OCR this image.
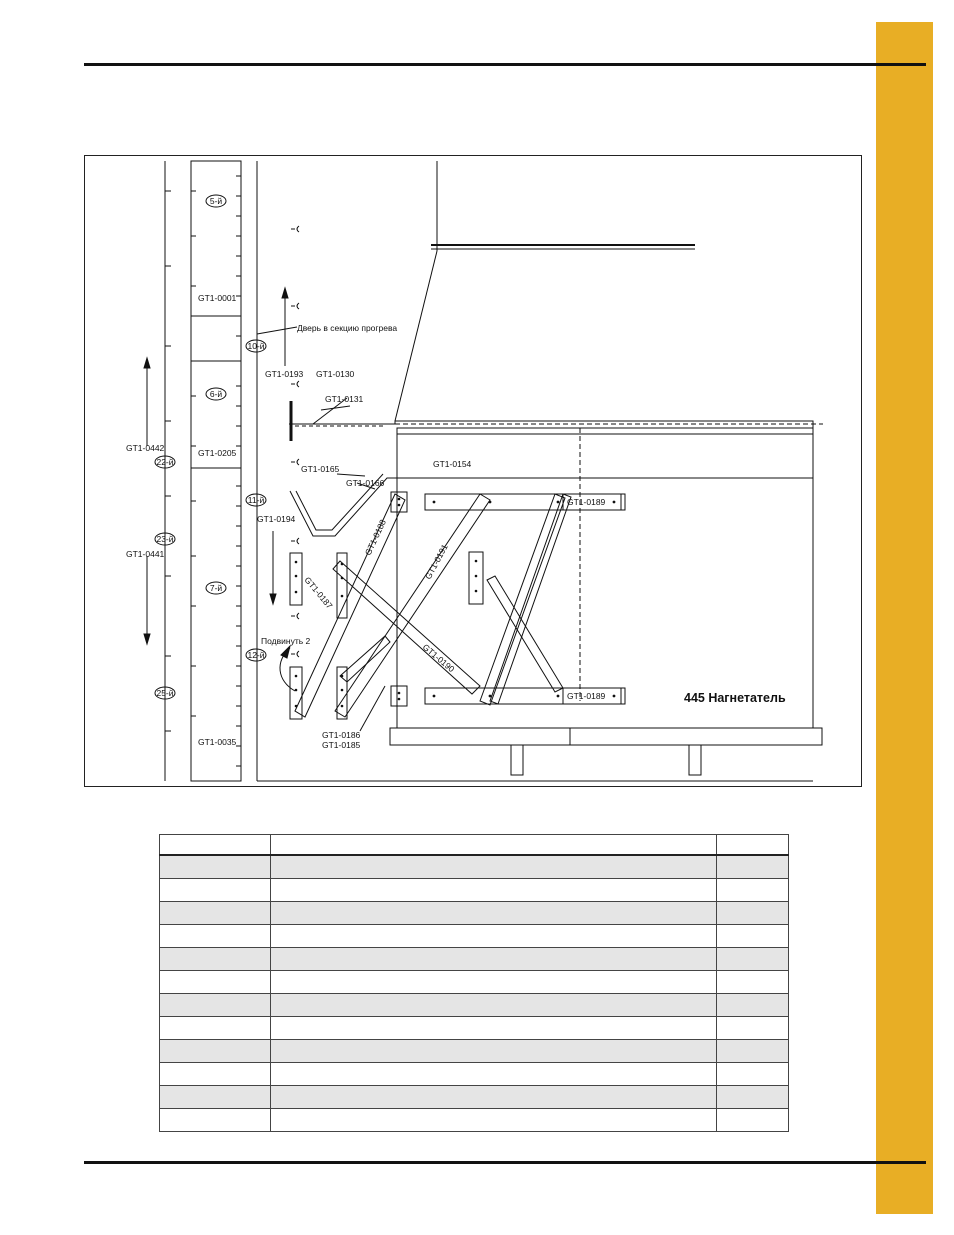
5-й
10-й
6-й
22-й
11-й
23-й
7-й
12-й
25-й
GT1-0001
GT1-0205
GT1-0035
GT1-0442
GT1-0441
GT1-0193 GT1-0130
GT1-0131
GT1-0165
GT1-0166
GT1-0194
GT1-0154
GT1-0189
GT1-0189
GT1-0188
GT1-0191
GT1-0187
GT1-0190
GT1-0186
GT1-0185
Дверь в секцию прогрева
Подвинуть 2
445 Нагнетатель
